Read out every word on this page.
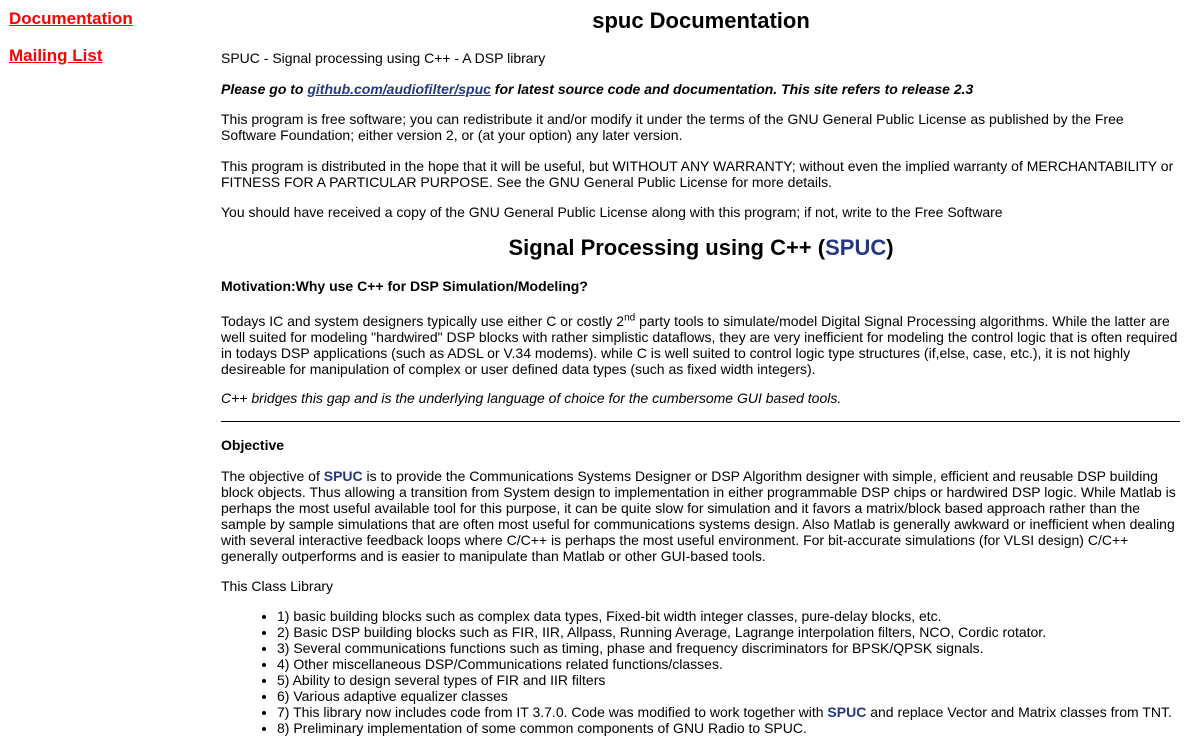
Documentation
Mailing List
spuc Documentation

SPUC - Signal processing using C++ - A DSP library

Please go to github.com/audiofilter/spuc for latest source code and documentation. This site refers to release 2.3

This program is free software; you can redistribute it and/or modify it under the terms of the GNU General Public License as published by the Free Software Foundation; either version 2, or (at your option) any later version.

This program is distributed in the hope that it will be useful, but WITHOUT ANY WARRANTY; without even the implied warranty of MERCHANTABILITY or FITNESS FOR A PARTICULAR PURPOSE. See the GNU General Public License for more details.

You should have received a copy of the GNU General Public License along with this program; if not, write to the Free Software

Signal Processing using C++ (SPUC)

Motivation:Why use C++ for DSP Simulation/Modeling?

Todays IC and system designers typically use either C or costly 2nd party tools to simulate/model Digital Signal Processing algorithms. While the latter are well suited for modeling "hardwired" DSP blocks with rather simplistic dataflows, they are very inefficient for modeling the control logic that is often required in todays DSP applications (such as ADSL or V.34 modems). while C is well suited to control logic type structures (if,else, case, etc.), it is not highly desireable for manipulation of complex or user defined data types (such as fixed width integers).

C++ bridges this gap and is the underlying language of choice for the cumbersome GUI based tools.

Objective

The objective of SPUC is to provide the Communications Systems Designer or DSP Algorithm designer with simple, efficient and reusable DSP building block objects. Thus allowing a transition from System design to implementation in either programmable DSP chips or hardwired DSP logic. While Matlab is perhaps the most useful available tool for this purpose, it can be quite slow for simulation and it favors a matrix/block based approach rather than the sample by sample simulations that are often most useful for communications systems design. Also Matlab is generally awkward or inefficient when dealing with several interactive feedback loops where C/C++ is perhaps the most useful environment. For bit-accurate simulations (for VLSI design) C/C++ generally outperforms and is easier to manipulate than Matlab or other GUI-based tools.

This Class Library

• 1) basic building blocks such as complex data types, Fixed-bit width integer classes, pure-delay blocks, etc.
• 2) Basic DSP building blocks such as FIR, IIR, Allpass, Running Average, Lagrange interpolation filters, NCO, Cordic rotator.
• 3) Several communications functions such as timing, phase and frequency discriminators for BPSK/QPSK signals.
• 4) Other miscellaneous DSP/Communications related functions/classes.
• 5) Ability to design several types of FIR and IIR filters
• 6) Various adaptive equalizer classes
• 7) This library now includes code from IT 3.7.0. Code was modified to work together with SPUC and replace Vector and Matrix classes from TNT.
• 8) Preliminary implementation of some common components of GNU Radio to SPUC.
